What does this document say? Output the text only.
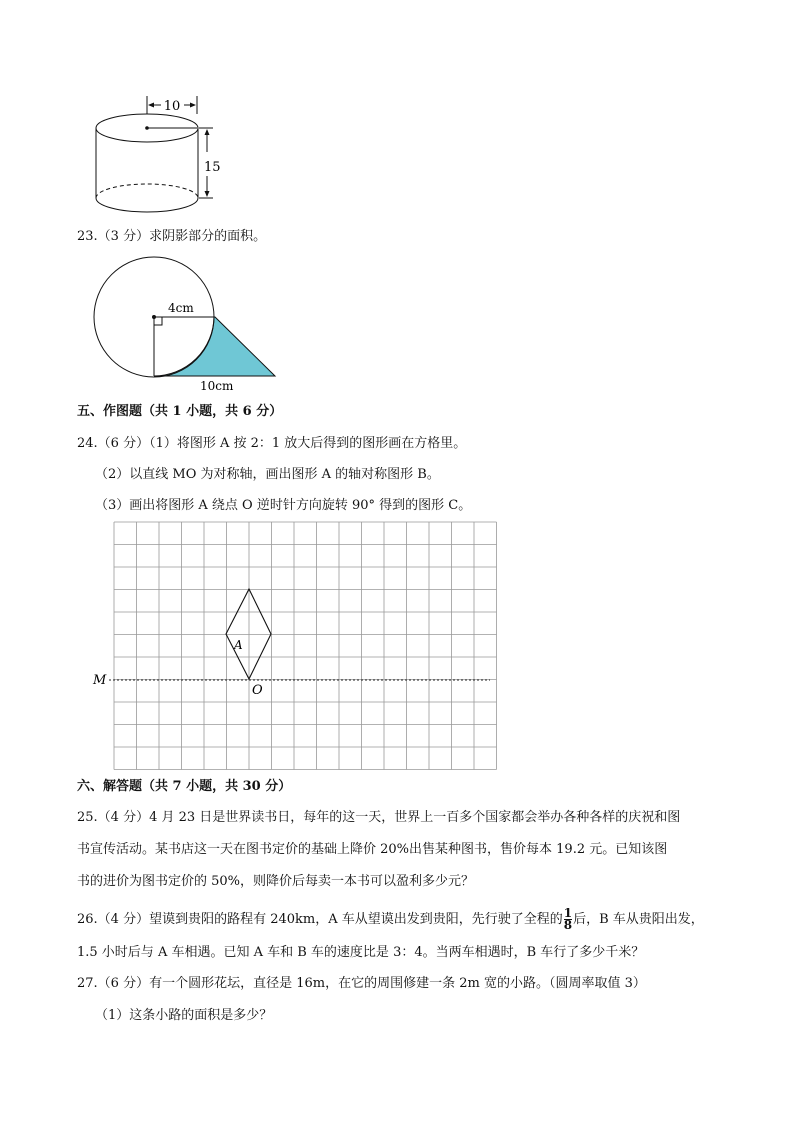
10
15
23.（3 分）求阴影部分的面积。
4cm
10cm
五、作图题（共 1 小题，共 6 分）
24.（6 分）（1）将图形 A 按 2：1 放大后得到的图形画在方格里。
（2）以直线 MO 为对称轴，画出图形 A 的轴对称图形 B。
（3）画出将图形 A 绕点 O 逆时针方向旋转 90° 得到的图形 C。
A
M
O
六、解答题（共 7 小题，共 30 分）
25.（4 分）4 月 23 日是世界读书日，每年的这一天，世界上一百多个国家都会举办各种各样的庆祝和图
书宣传活动。某书店这一天在图书定价的基础上降价 20%出售某种图书，售价每本 19.2 元。已知该图
书的进价为图书定价的 50%，则降价后每卖一本书可以盈利多少元？
26.（4 分）望谟到贵阳的路程有 240km，A 车从望谟出发到贵阳，先行驶了全程的$\frac{1}{8}$ 后，B 车从贵阳出发，
1.5 小时后与 A 车相遇。已知 A 车和 B 车的速度比是 3：4。当两车相遇时，B 车行了多少千米？
27.（6 分）有一个圆形花坛，直径是 16m，在它的周围修建一条 2m 宽的小路。（圆周率取值 3）
（1）这条小路的面积是多少？
